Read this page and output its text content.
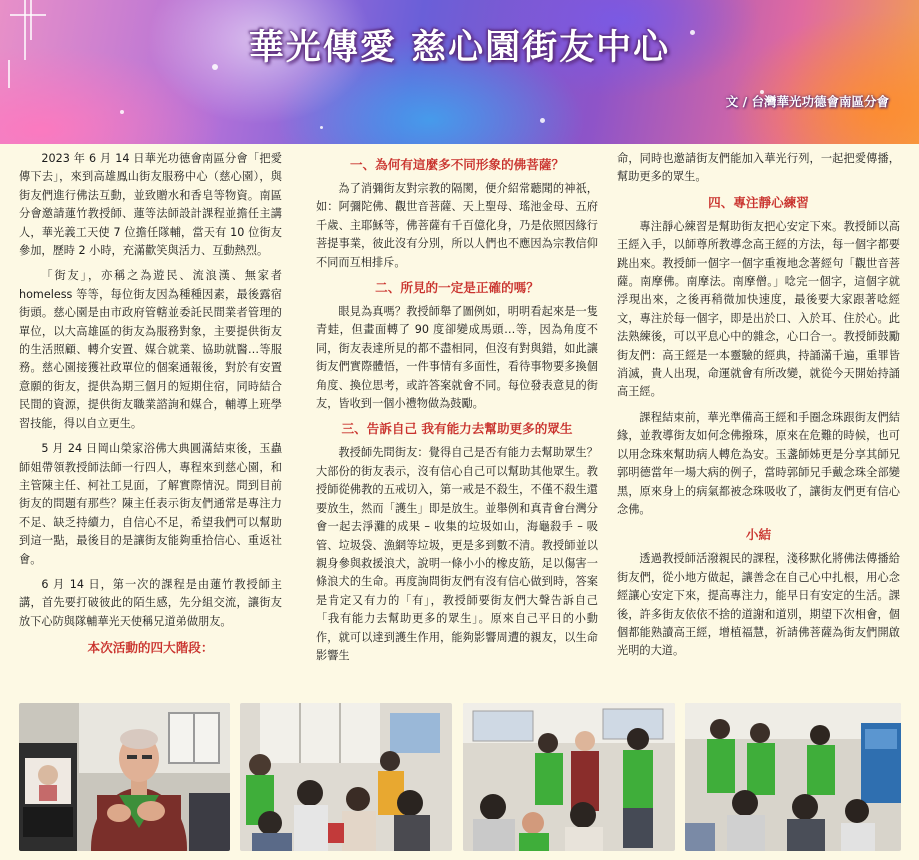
華光傳愛 慈心園街友中心
文 / 台灣華光功德會南區分會

2023 年 6 月 14 日華光功德會南區分會「把愛傳下去」，來到高雄鳳山街友服務中心（慈心園），與街友們進行佛法互動，並致贈水和香皂等物資。南區分會邀請蓮竹教授師、蓮等法師設計課程並擔任主講人，華光義工天使 7 位擔任隊輔，當天有 10 位街友參加，歷時 2 小時，充滿歡笑與活力、互動熱烈。

「街友」，亦稱之為遊民、流浪漢、無家者 homeless 等等，每位街友因為種種因素，最後露宿街頭。慈心園是由市政府管轄並委託民間業者管理的單位，以大高雄區的街友為服務對象，主要提供街友的生活照顧、轉介安置、媒合就業、協助就醫…等服務。慈心園接獲社政單位的個案通報後，對於有安置意願的街友，提供為期三個月的短期住宿，同時結合民間的資源，提供街友職業諮詢和媒合，輔導上班學習技能，得以自立更生。

5 月 24 日岡山榮家浴佛大典圓滿結束後，玉蟲師姐帶領教授師法師一行四人，專程來到慈心園，和主管陳主任、柯社工見面，了解實際情況。問到目前街友的問題有那些？陳主任表示街友們通常是專注力不足、缺乏持續力，自信心不足，希望我們可以幫助到這一點，最後目的是讓街友能夠重拾信心、重返社會。

6 月 14 日，第一次的課程是由蓮竹教授師主講，首先要打破彼此的陌生感，先分組交流，讓街友放下心防與隊輔華光天使稱兄道弟做朋友。

本次活動的四大階段：
一、為何有這麼多不同形象的佛菩薩？

為了消彌街友對宗教的隔閡，便介紹常聽聞的神祇，如：阿彌陀佛、觀世音菩薩、天上聖母、瑤池金母、五府千歲、主耶穌等，佛菩薩有千百億化身，乃是依照因緣行菩提事業，彼此沒有分別，所以人們也不應因為宗教信仰不同而互相排斥。

二、所見的一定是正確的嗎？

眼見為真嗎？教授師舉了圖例如，明明看起來是一隻青蛙，但畫面轉了 90 度卻變成馬頭…等，因為角度不同，街友表達所見的都不盡相同，但沒有對與錯，如此讓街友們實際體悟，一件事情有多面性，看待事物要多換個角度、換位思考，或許答案就會不同。每位發表意見的街友，皆收到一個小禮物做為鼓勵。

三、告訴自己 我有能力去幫助更多的眾生

教授師先問街友：覺得自己是否有能力去幫助眾生？大部份的街友表示，沒有信心自己可以幫助其他眾生。教授師從佛教的五戒切入，第一戒是不殺生，不僅不殺生還要放生，然而「護生」即是放生。並舉例和真青會台灣分會一起去淨灘的成果 – 收集的垃圾如山，海龜殺手 – 吸管、垃圾袋、漁網等垃圾，更是多到數不清。教授師並以親身參與救援浪犬，說明一條小小的橡皮筋，足以傷害一條浪犬的生命。再度詢問街友們有沒有信心做到時，答案是肯定又有力的「有」，教授師要街友們大聲告訴自己「我有能力去幫助更多的眾生」。原來自己平日的小動作，就可以達到護生作用，能夠影響周遭的親友，以生命影響生

命，同時也邀請街友們能加入華光行列，一起把愛傳播，幫助更多的眾生。

四、專注靜心練習

專注靜心練習是幫助街友把心安定下來。教授師以高王經入手，以師尊所教導念高王經的方法，每一個字都要跳出來。教授師一個字一個字重複地念著經句「觀世音菩薩。南摩佛。南摩法。南摩僧。」唸完一個字，這個字就浮現出來，之後再稍微加快速度，最後要大家跟著唸經文，專注於每一個字，即是出於口、入於耳、住於心。此法熟練後，可以平息心中的雜念，心口合一。教授師鼓勵街友們：高王經是一本靈驗的經典，持誦滿千遍，重罪皆消滅，貴人出現，命運就會有所改變，就從今天開始持誦高王經。

課程結束前，華光準備高王經和手圈念珠跟街友們結緣，並教導街友如何念佛撥珠，原來在危難的時候，也可以用念珠來幫助病人轉危為安。玉盞師姊更是分享其師兄郭明德當年一場大病的例子，當時郭師兄手戴念珠全部變黑，原來身上的病氣都被念珠吸收了，讓街友們更有信心念佛。

小結

透過教授師活潑親民的課程，淺移默化將佛法傳播給街友們，從小地方做起，讓善念在自己心中扎根，用心念經讓心安定下來，提高專注力，能早日有安定的生活。課後，許多街友依依不捨的道謝和道別，期望下次相會，個個都能熟讀高王經，增植福慧，祈請佛菩薩為街友們開啟光明的大道。
